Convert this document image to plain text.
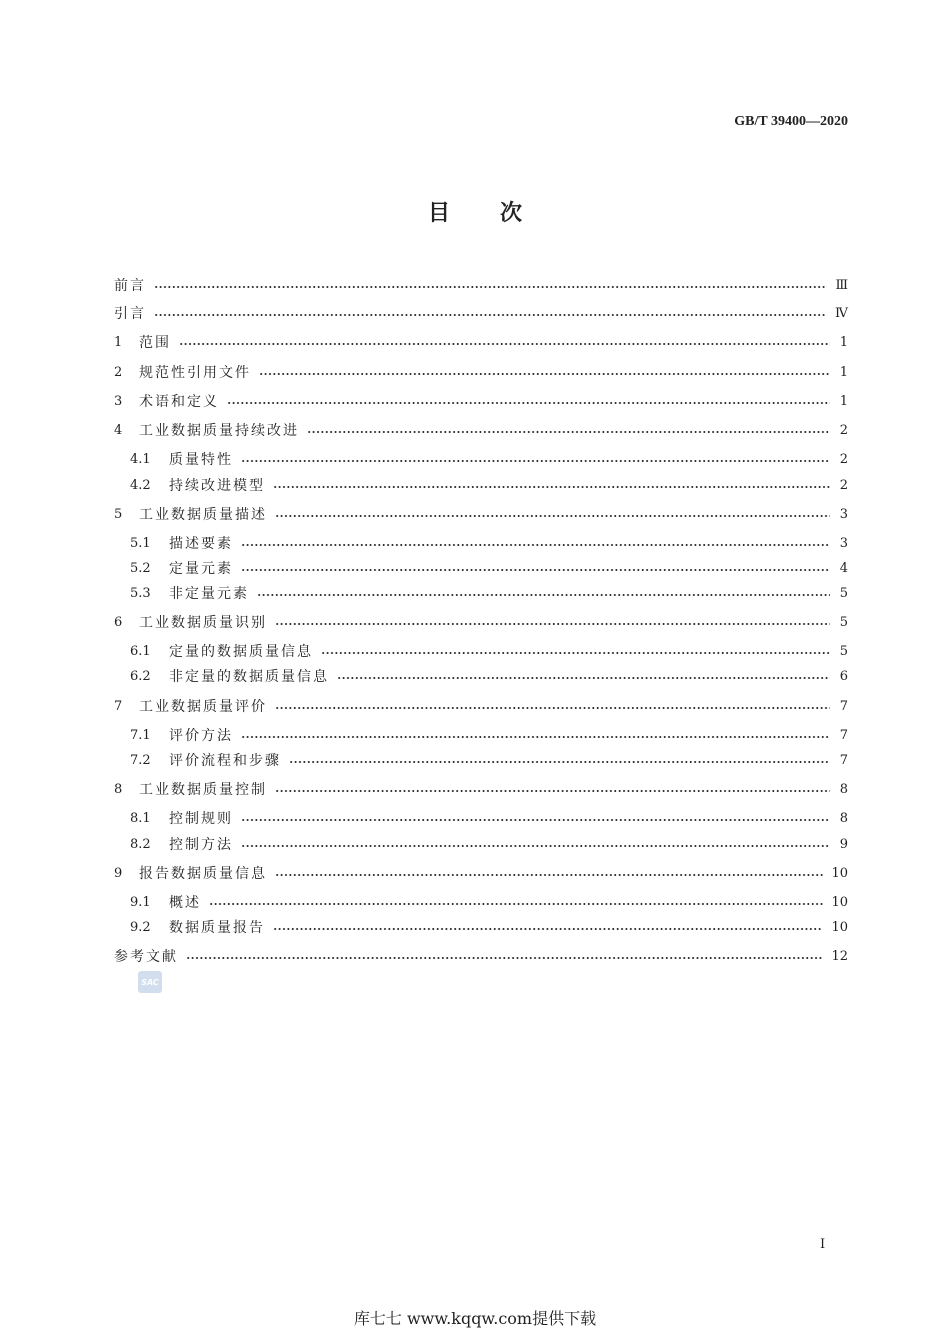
GB/T 39400—2020
目次
前言	Ⅲ
引言	Ⅳ
1	范围	1
2	规范性引用文件	1
3	术语和定义	1
4	工业数据质量持续改进	2
4.1	质量特性	2
4.2	持续改进模型	2
5	工业数据质量描述	3
5.1	描述要素	3
5.2	定量元素	4
5.3	非定量元素	5
6	工业数据质量识别	5
6.1	定量的数据质量信息	5
6.2	非定量的数据质量信息	6
7	工业数据质量评价	7
7.1	评价方法	7
7.2	评价流程和步骤	7
8	工业数据质量控制	8
8.1	控制规则	8
8.2	控制方法	9
9	报告数据质量信息	10
9.1	概述	10
9.2	数据质量报告	10
参考文献	12
SAC
I
库七七 www.kqqw.com提供下载
